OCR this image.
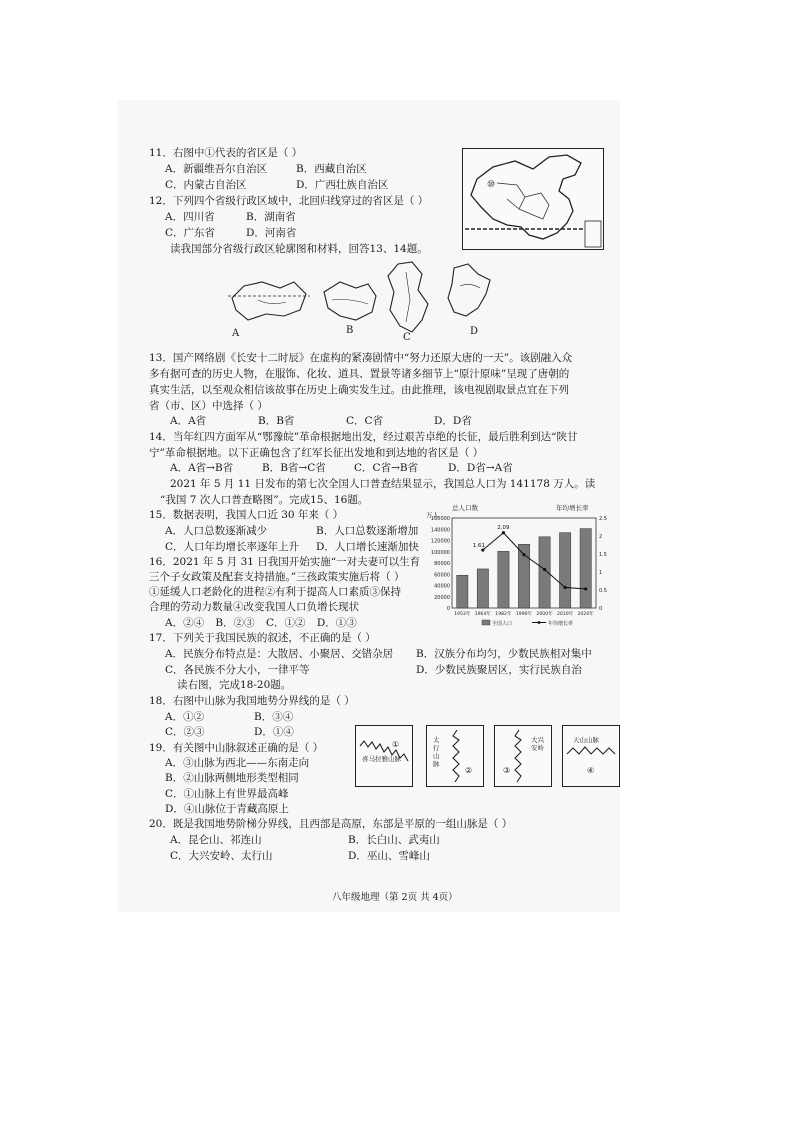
⑩
11．右图中①代表的省区是（ ）
A．新疆维吾尔自治区	B．西藏自治区
C．内蒙古自治区	D．广西壮族自治区
12．下列四个省级行政区域中，北回归线穿过的省区是（ ）
A．四川省	B．湖南省
C．广东省	D．河南省
读我国部分省级行政区轮廓图和材料，回答13、14题。
A	B
C
D
13．国产网络剧《长安十二时辰》在虚构的紧凑剧情中“努力还原大唐的一天”。该剧融入众
多有据可查的历史人物，在服饰、化妆、道具、置景等诸多细节上“原汁原味”呈现了唐朝的
真实生活，以至观众相信该故事在历史上确实发生过。由此推理，该电视剧取景点宜在下列
省（市、区）中选择（ ）
A．A省	B．B省	C．C省	D．D省
14．当年红四方面军从“鄂豫皖”革命根据地出发，经过艰苦卓绝的长征，最后胜利到达“陕甘
宁”革命根据地。以下正确包含了红军长征出发地和到达地的省区是（ ）
A．A省→B省	B．B省→C省	C．C省→B省	D．D省→A省
2021 年 5 月 11 日发布的第七次全国人口普查结果显示，我国总人口为 141178 万人。读
“我国 7 次人口普查略图”。完成15、16题。
15．数据表明，我国人口近 30 年来（ ）
A．人口总数逐渐减少	B．人口总数逐渐增加
C．人口年均增长率逐年上升 D．人口增长速渐加快
16．2021 年 5 月 31 日我国开始实施“一对夫妻可以生育
三个子女政策及配套支持措施。”三孩政策实施后将（ ）
①延缓人口老龄化的进程②有利于提高人口素质③保持
合理的劳动力数量④改变我国人口负增长现状
A．②④ B．②③ C．①② D．①③
总人口数
万人
年均增长率
160000
140000
120000
100000
80000
60000
40000
20000
0
2.5
2
1.5
1
0.5
0
1953年 1964年 1982年 1990年 2000年 2010年 2020年
1.61
2.09
全国人口	年均增长率
17．下列关于我国民族的叙述，不正确的是（ ）
A．民族分布特点是：大散居、小聚居、交错杂居 B．汉族分布均匀，少数民族相对集中
C．各民族不分大小，一律平等	D．少数民族聚居区，实行民族自治
读右图，完成18-20题。
18．右图中山脉为我国地势分界线的是（ ）
A．①②	B．③④
C．②③	D．①④
19．有关图中山脉叙述正确的是（ ）
A．③山脉为西北——东南走向
B．②山脉两侧地形类型相同
C．①山脉上有世界最高峰
D．④山脉位于青藏高原上
喜马拉雅山脉
①	太行山脉
②
大兴安岭
③
天山山脉
④
20．既是我国地势阶梯分界线，且西部是高原，东部是平原的一组山脉是（ ）
A．昆仑山、祁连山	B．长白山、武夷山
C．大兴安岭、太行山	D．巫山、雪峰山
八年级地理（第 2页 共 4页）
